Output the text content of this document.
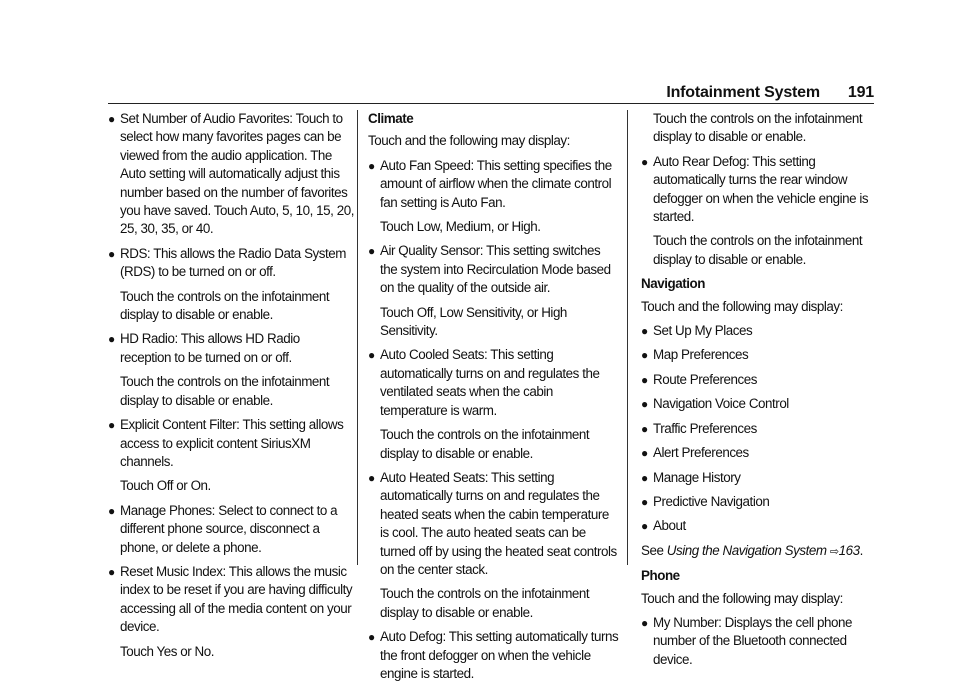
Infotainment System 191
● Set Number of Audio Favorites: Touch to select how many favorites pages can be viewed from the audio application. The Auto setting will automatically adjust this number based on the number of favorites you have saved. Touch Auto, 5, 10, 15, 20, 25, 30, 35, or 40.
● RDS: This allows the Radio Data System (RDS) to be turned on or off.
Touch the controls on the infotainment display to disable or enable.
● HD Radio: This allows HD Radio reception to be turned on or off.
Touch the controls on the infotainment display to disable or enable.
● Explicit Content Filter: This setting allows access to explicit content SiriusXM channels.
Touch Off or On.
● Manage Phones: Select to connect to a different phone source, disconnect a phone, or delete a phone.
● Reset Music Index: This allows the music index to be reset if you are having difficulty accessing all of the media content on your device.
Touch Yes or No.
Climate
Touch and the following may display:
● Auto Fan Speed: This setting specifies the amount of airflow when the climate control fan setting is Auto Fan.
Touch Low, Medium, or High.
● Air Quality Sensor: This setting switches the system into Recirculation Mode based on the quality of the outside air.
Touch Off, Low Sensitivity, or High Sensitivity.
● Auto Cooled Seats: This setting automatically turns on and regulates the ventilated seats when the cabin temperature is warm.
Touch the controls on the infotainment display to disable or enable.
● Auto Heated Seats: This setting automatically turns on and regulates the heated seats when the cabin temperature is cool. The auto heated seats can be turned off by using the heated seat controls on the center stack.
Touch the controls on the infotainment display to disable or enable.
● Auto Defog: This setting automatically turns the front defogger on when the vehicle engine is started.
Touch the controls on the infotainment display to disable or enable.
● Auto Rear Defog: This setting automatically turns the rear window defogger on when the vehicle engine is started.
Touch the controls on the infotainment display to disable or enable.
Navigation
Touch and the following may display:
● Set Up My Places
● Map Preferences
● Route Preferences
● Navigation Voice Control
● Traffic Preferences
● Alert Preferences
● Manage History
● Predictive Navigation
● About
See Using the Navigation System ⇨163.
Phone
Touch and the following may display:
● My Number: Displays the cell phone number of the Bluetooth connected device.
